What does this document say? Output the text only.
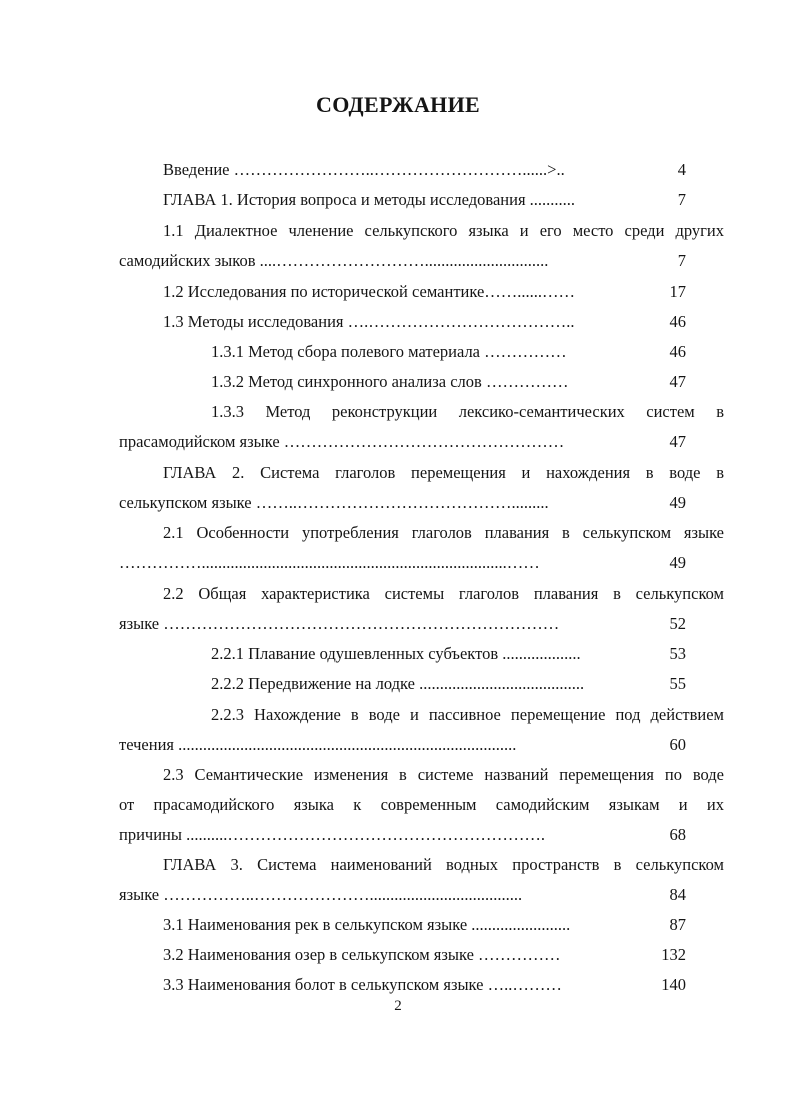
СОДЕРЖАНИЕ
Введение ……………………..………………………......>..	4
ГЛАВА 1. История вопроса и методы исследования ...........	7
1.1 Диалектное членение селькупского языка и его место среди других
самодийских зыков ....………………………..............................	7
1.2 Исследования по исторической семантике……......……	17
1.3 Методы исследования ….………………………………..	46
1.3.1 Метод сбора полевого материала ……………	46
1.3.2 Метод синхронного анализа слов ……………	47
1.3.3 Метод реконструкции лексико-семантических систем в
прасамодийском языке ……………………………………………	47
ГЛАВА 2. Система глаголов перемещения и нахождения в воде в
селькупском языке ……..………………………………….........	49
2.1 Особенности употребления глаголов плавания в селькупском языке
……………..........................................................................……	49
2.2 Общая характеристика системы глаголов плавания в селькупском
языке ………………………………………………………………	52
2.2.1 Плавание одушевленных субъектов ...................	53
2.2.2 Передвижение на лодке ........................................	55
2.2.3 Нахождение в воде и пассивное перемещение под действием
течения ..................................................................................	60
2.3 Семантические изменения в системе названий перемещения по воде
от прасамодийского языка к современным самодийским языкам и их
причины ..........………………………………………………….	68
ГЛАВА 3. Система наименований водных пространств в селькупском
языке ……………..………………….....................................	84
3.1 Наименования рек в селькупском языке ........................	87
3.2 Наименования озер в селькупском языке ……………	132
3.3 Наименования болот в селькупском языке …..………	140
2
